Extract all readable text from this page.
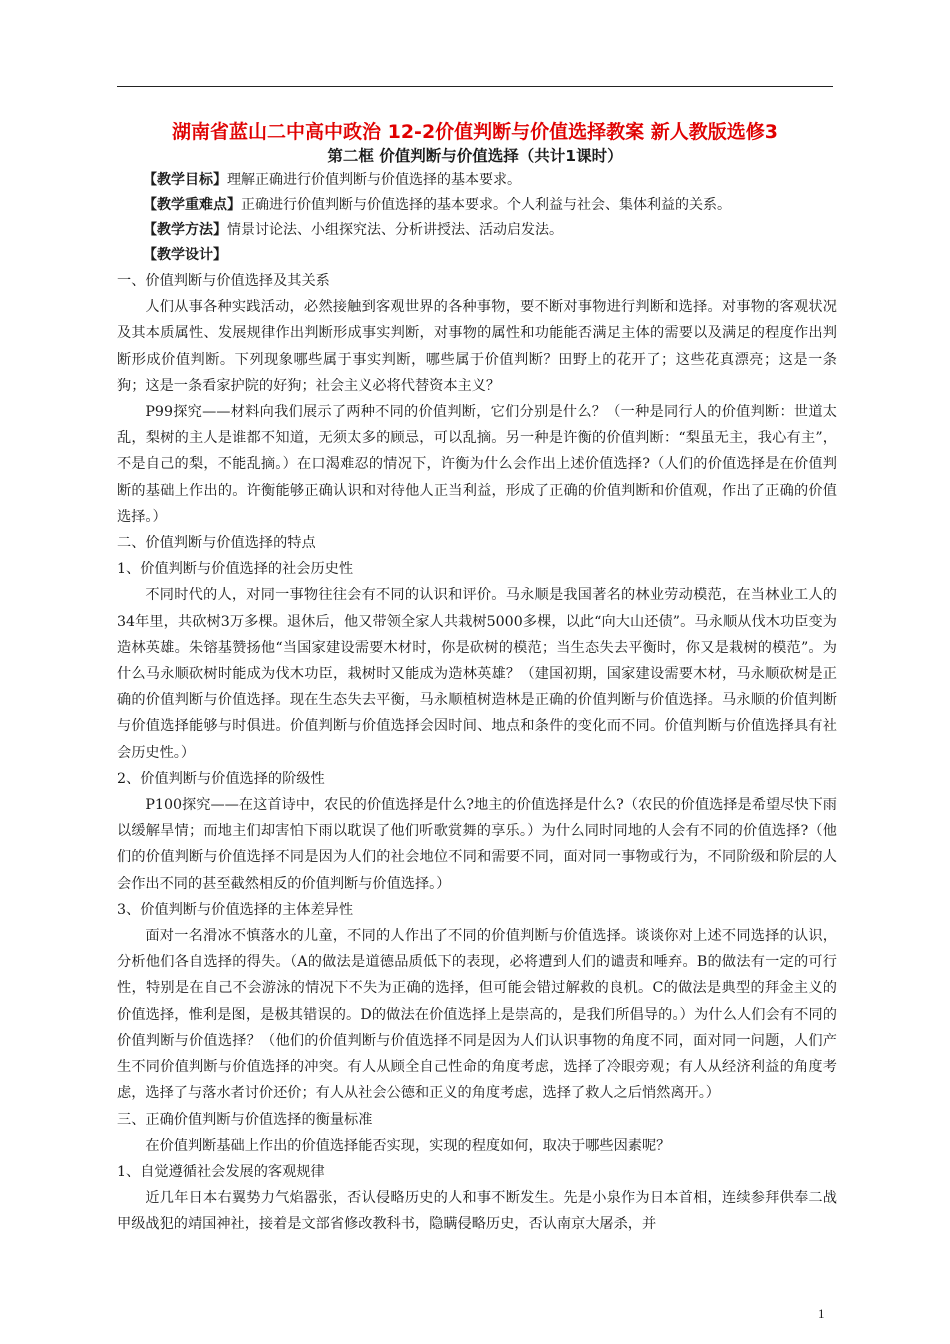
湖南省蓝山二中高中政治 12-2价值判断与价值选择教案 新人教版选修3
第二框 价值判断与价值选择（共计1课时）
【教学目标】理解正确进行价值判断与价值选择的基本要求。
【教学重难点】正确进行价值判断与价值选择的基本要求。个人利益与社会、集体利益的关系。
【教学方法】情景讨论法、小组探究法、分析讲授法、活动启发法。
【教学设计】

一、价值判断与价值选择及其关系

人们从事各种实践活动，必然接触到客观世界的各种事物，要不断对事物进行判断和选择。对事物的客观状况及其本质属性、发展规律作出判断形成事实判断，对事物的属性和功能能否满足主体的需要以及满足的程度作出判断形成价值判断。下列现象哪些属于事实判断，哪些属于价值判断？田野上的花开了；这些花真漂亮；这是一条狗；这是一条看家护院的好狗；社会主义必将代替资本主义？

P99探究——材料向我们展示了两种不同的价值判断，它们分别是什么？（一种是同行人的价值判断：世道太乱，梨树的主人是谁都不知道，无须太多的顾忌，可以乱摘。另一种是许衡的价值判断：“梨虽无主，我心有主”，不是自己的梨，不能乱摘。）在口渴难忍的情况下，许衡为什么会作出上述价值选择?（人们的价值选择是在价值判断的基础上作出的。许衡能够正确认识和对待他人正当利益，形成了正确的价值判断和价值观，作出了正确的价值选择。）

二、价值判断与价值选择的特点

1、价值判断与价值选择的社会历史性

不同时代的人，对同一事物往往会有不同的认识和评价。马永顺是我国著名的林业劳动模范，在当林业工人的34年里，共砍树3万多棵。退休后，他又带领全家人共栽树5000多棵，以此“向大山还债”。马永顺从伐木功臣变为造林英雄。朱镕基赞扬他“当国家建设需要木材时，你是砍树的模范；当生态失去平衡时，你又是栽树的模范”。为什么马永顺砍树时能成为伐木功臣，栽树时又能成为造林英雄？（建国初期，国家建设需要木材，马永顺砍树是正确的价值判断与价值选择。现在生态失去平衡，马永顺植树造林是正确的价值判断与价值选择。马永顺的价值判断与价值选择能够与时俱进。价值判断与价值选择会因时间、地点和条件的变化而不同。价值判断与价值选择具有社会历史性。）

2、价值判断与价值选择的阶级性

P100探究——在这首诗中，农民的价值选择是什么?地主的价值选择是什么?（农民的价值选择是希望尽快下雨以缓解旱情；而地主们却害怕下雨以耽误了他们听歌赏舞的享乐。）为什么同时同地的人会有不同的价值选择?（他们的价值判断与价值选择不同是因为人们的社会地位不同和需要不同，面对同一事物或行为，不同阶级和阶层的人会作出不同的甚至截然相反的价值判断与价值选择。）

3、价值判断与价值选择的主体差异性

面对一名滑冰不慎落水的儿童，不同的人作出了不同的价值判断与价值选择。谈谈你对上述不同选择的认识，分析他们各自选择的得失。（A的做法是道德品质低下的表现，必将遭到人们的谴责和唾弃。B的做法有一定的可行性，特别是在自己不会游泳的情况下不失为正确的选择，但可能会错过解救的良机。C的做法是典型的拜金主义的价值选择，惟利是图，是极其错误的。D的做法在价值选择上是崇高的，是我们所倡导的。）为什么人们会有不同的价值判断与价值选择？（他们的价值判断与价值选择不同是因为人们认识事物的角度不同，面对同一问题，人们产生不同价值判断与价值选择的冲突。有人从顾全自己性命的角度考虑，选择了冷眼旁观；有人从经济利益的角度考虑，选择了与落水者讨价还价；有人从社会公德和正义的角度考虑，选择了救人之后悄然离开。）

三、正确价值判断与价值选择的衡量标准

在价值判断基础上作出的价值选择能否实现，实现的程度如何，取决于哪些因素呢？

1、自觉遵循社会发展的客观规律

近几年日本右翼势力气焰嚣张，否认侵略历史的人和事不断发生。先是小泉作为日本首相，连续参拜供奉二战甲级战犯的靖国神社，接着是文部省修改教科书，隐瞒侵略历史，否认南京大屠杀，并

1
